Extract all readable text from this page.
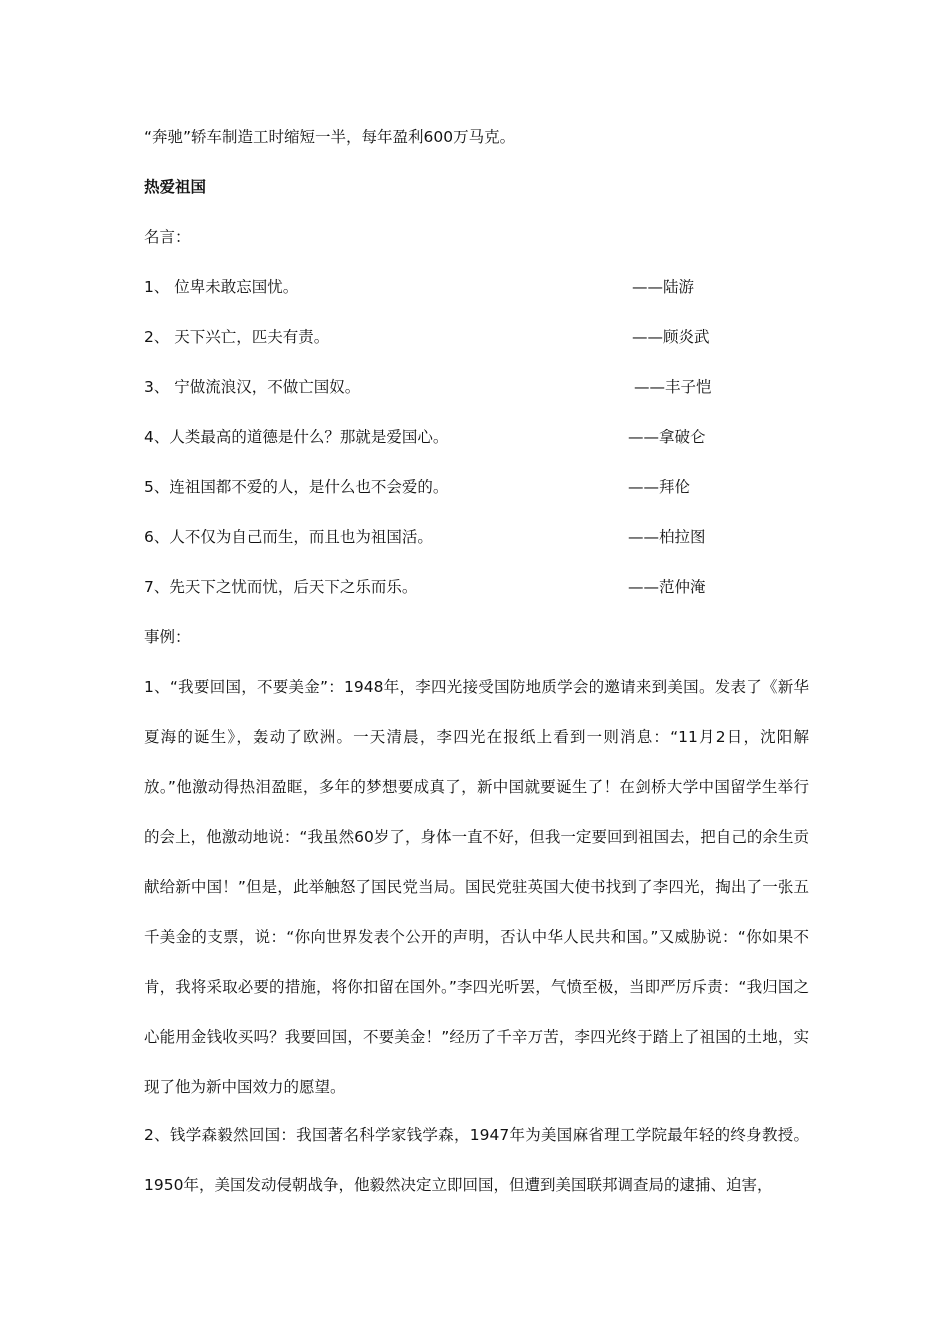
“奔驰”轿车制造工时缩短一半，每年盈利600万马克。
热爱祖国
名言：
1、 位卑未敢忘国忧。	——陆游
2、 天下兴亡，匹夫有责。	——顾炎武
3、 宁做流浪汉，不做亡国奴。	——丰子恺
4、人类最高的道德是什么？那就是爱国心。	——拿破仑
5、连祖国都不爱的人，是什么也不会爱的。	——拜伦
6、人不仅为自己而生，而且也为祖国活。	——柏拉图
7、先天下之忧而忧，后天下之乐而乐。	——范仲淹
事例：

1、“我要回国，不要美金”：1948年，李四光接受国防地质学会的邀请来到美国。发表了《新华夏海的诞生》，轰动了欧洲。一天清晨，李四光在报纸上看到一则消息：“11月2日，沈阳解放。”他激动得热泪盈眶，多年的梦想要成真了，新中国就要诞生了！在剑桥大学中国留学生举行的会上，他激动地说：“我虽然60岁了，身体一直不好，但我一定要回到祖国去，把自己的余生贡献给新中国！”但是，此举触怒了国民党当局。国民党驻英国大使书找到了李四光，掏出了一张五千美金的支票，说：“你向世界发表个公开的声明，否认中华人民共和国。”又威胁说：“你如果不肯，我将采取必要的措施，将你扣留在国外。”李四光听罢，气愤至极，当即严厉斥责：“我归国之心能用金钱收买吗？我要回国，不要美金！”经历了千辛万苦，李四光终于踏上了祖国的土地，实现了他为新中国效力的愿望。

2、钱学森毅然回国：我国著名科学家钱学森，1947年为美国麻省理工学院最年轻的终身教授。1950年，美国发动侵朝战争，他毅然决定立即回国，但遭到美国联邦调查局的逮捕、迫害，
